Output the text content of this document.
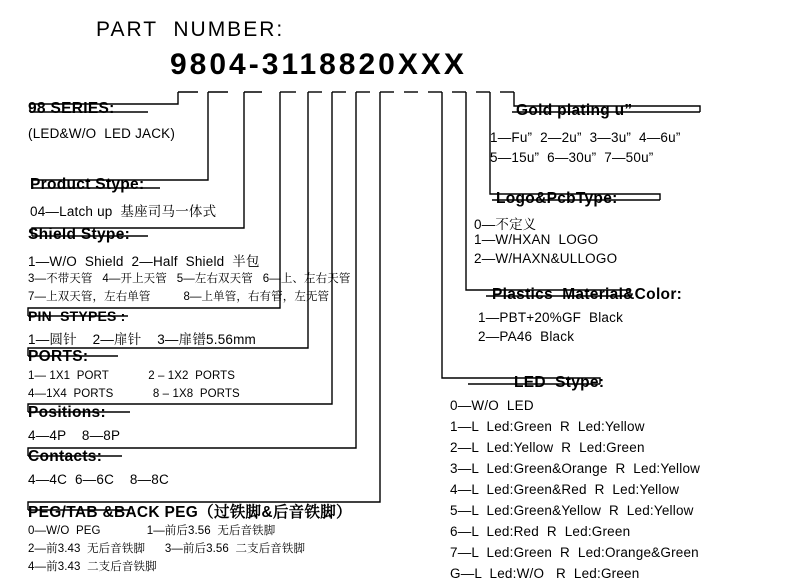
PART  NUMBER:
9804-3118820XXX
98 SERIES:
(LED&W/O  LED JACK)
Product Stype:
04—Latch up  基座司马一体式
Shield Stype:
1—W/O  Shield  2—Half  Shield  半包
3—不带天管   4—开上天管   5—左右双天管   6—上、左右天管
7—上双天管，左右单管          8—上单管，右有管，左无管
PIN  STYPES :
1—圆针    2—扉针    3—扉镨5.56mm
PORTS:
1— 1X1  PORT            2 – 1X2  PORTS
4—1X4  PORTS            8 – 1X8  PORTS
Positions:
4—4P    8—8P
Contacts:
4—4C  6—6C    8—8C
PEG/TAB &BACK PEG（过铁脚&后音铁脚）
0—W/O  PEG              1—前后3.56  无后音铁脚
2—前3.43  无后音铁脚      3—前后3.56  二支后音铁脚
4—前3.43  二支后音铁脚
Gold plating u”
1—Fu”  2—2u”  3—3u”  4—6u”
5—15u”  6—30u”  7—50u”
Logo&PcbType:
0—不定义
1—W/HXAN  LOGO
2—W/HAXN&ULLOGO
Plastics  Material&Color:
1—PBT+20%GF  Black
2—PA46  Black
LED  Stype:
0—W/O  LED
1—L  Led:Green  R  Led:Yellow
2—L  Led:Yellow  R  Led:Green
3—L  Led:Green&Orange  R  Led:Yellow
4—L  Led:Green&Red  R  Led:Yellow
5—L  Led:Green&Yellow  R  Led:Yellow
6—L  Led:Red  R  Led:Green
7—L  Led:Green  R  Led:Orange&Green
G—L  Led:W/O   R  Led:Green
